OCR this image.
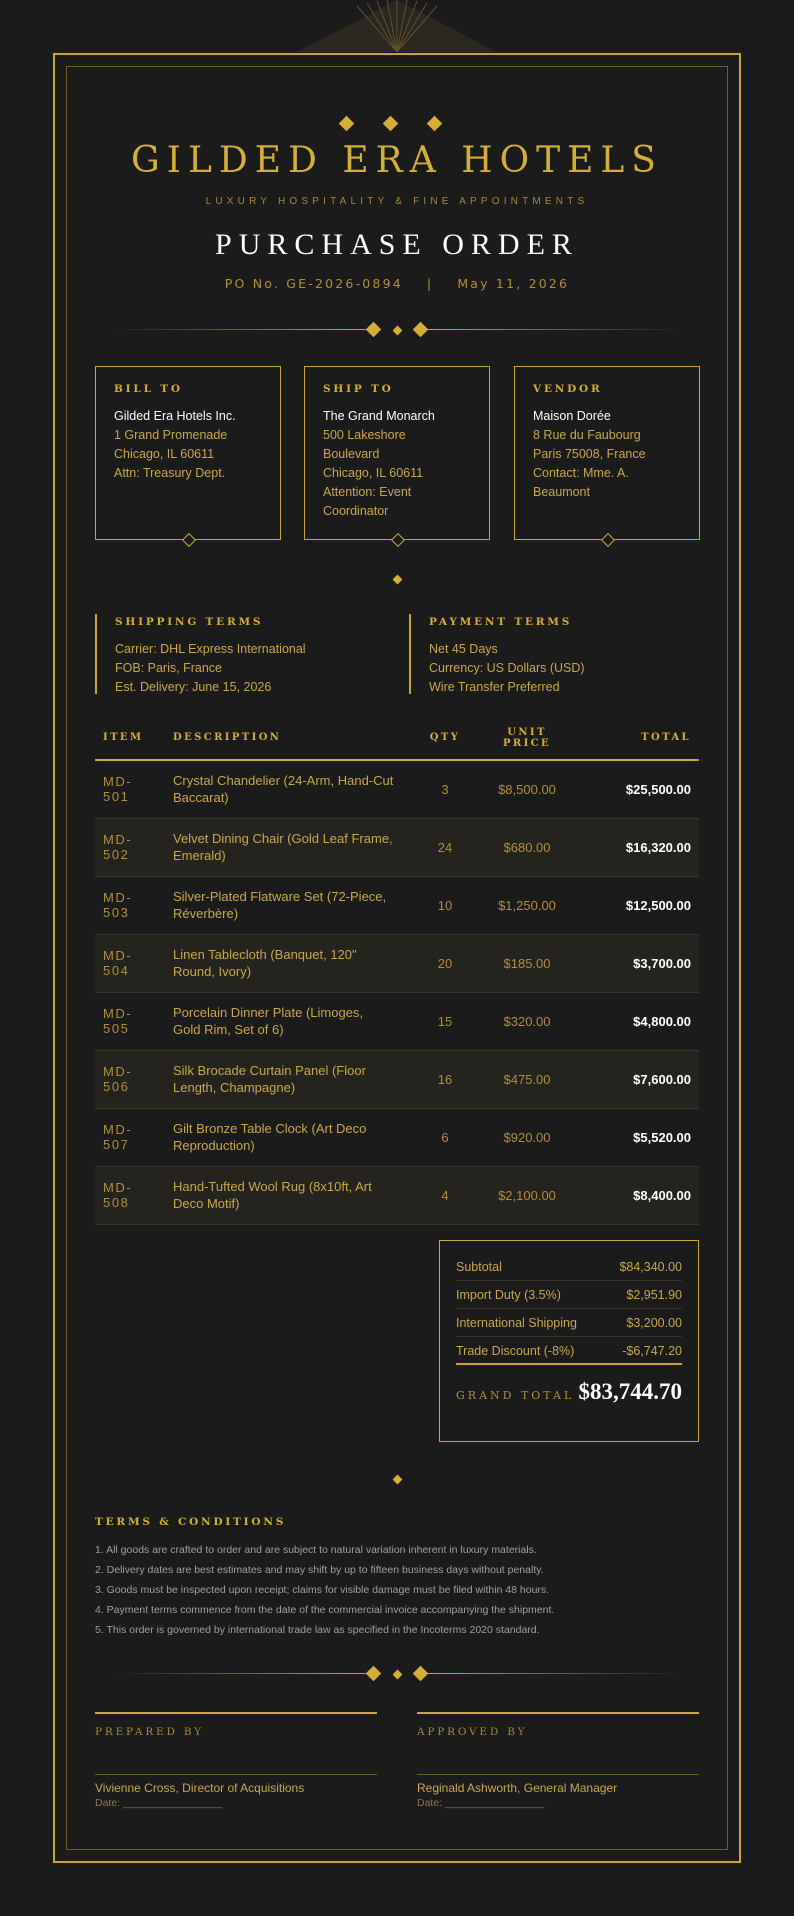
GILDED ERA HOTELS
LUXURY HOSPITALITY & FINE APPOINTMENTS
PURCHASE ORDER
PO No. GE-2026-0894 | May 11, 2026
BILL TO
Gilded Era Hotels Inc.
1 Grand Promenade
Chicago, IL 60611
Attn: Treasury Dept.
SHIP TO
The Grand Monarch
500 Lakeshore
Boulevard
Chicago, IL 60611
Attention: Event
Coordinator
VENDOR
Maison Dorée
8 Rue du Faubourg
Paris 75008, France
Contact: Mme. A.
Beaumont
SHIPPING TERMS
Carrier: DHL Express International
FOB: Paris, France
Est. Delivery: June 15, 2026
PAYMENT TERMS
Net 45 Days
Currency: US Dollars (USD)
Wire Transfer Preferred
ITEM	DESCRIPTION	QTY	UNIT
PRICE	TOTAL
MD-
501	Crystal Chandelier (24-Arm, Hand-Cut
Baccarat)	3	$8,500.00	$25,500.00
MD-
502	Velvet Dining Chair (Gold Leaf Frame,
Emerald)	24	$680.00	$16,320.00
MD-
503	Silver-Plated Flatware Set (72-Piece,
Réverbère)	10	$1,250.00	$12,500.00
MD-
504	Linen Tablecloth (Banquet, 120"
Round, Ivory)	20	$185.00	$3,700.00
MD-
505	Porcelain Dinner Plate (Limoges,
Gold Rim, Set of 6)	15	$320.00	$4,800.00
MD-
506	Silk Brocade Curtain Panel (Floor
Length, Champagne)	16	$475.00	$7,600.00
MD-
507	Gilt Bronze Table Clock (Art Deco
Reproduction)	6	$920.00	$5,520.00
MD-
508	Hand-Tufted Wool Rug (8x10ft, Art
Deco Motif)	4	$2,100.00	$8,400.00
Subtotal	$84,340.00
Import Duty (3.5%)	$2,951.90
International Shipping	$3,200.00
Trade Discount (-8%)	-$6,747.20
GRAND TOTAL $83,744.70
TERMS & CONDITIONS
1. All goods are crafted to order and are subject to natural variation inherent in luxury materials.
2. Delivery dates are best estimates and may shift by up to fifteen business days without penalty.
3. Goods must be inspected upon receipt; claims for visible damage must be filed within 48 hours.
4. Payment terms commence from the date of the commercial invoice accompanying the shipment.
5. This order is governed by international trade law as specified in the Incoterms 2020 standard.
PREPARED BY
Vivienne Cross, Director of Acquisitions
Date: _________________
APPROVED BY
Reginald Ashworth, General Manager
Date: _________________
